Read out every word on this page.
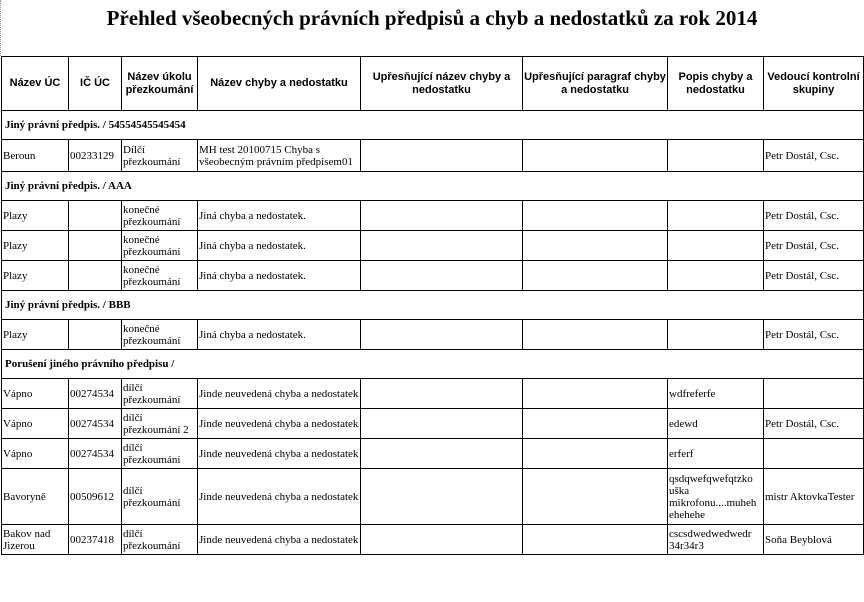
Přehled všeobecných právních předpisů a chyb a nedostatků za rok 2014
Název ÚC	IČ ÚC	Název úkolu přezkoumání	Název chyby a nedostatku	Upřesňující název chyby a nedostatku	Upřesňující paragraf chyby a nedostatku	Popis chyby a nedostatku	Vedoucí kontrolní skupiny
Jiný právní předpis. / 54554545545454							
Beroun	00233129	Dílčí přezkoumání	MH test 20100715 Chyba s všeobecným právním předpisem01				Petr Dostál, Csc.
Jiný právní předpis. / AAA							
Plazy		konečné přezkoumání	Jiná chyba a nedostatek.				Petr Dostál, Csc.
Plazy		konečné přezkoumání	Jiná chyba a nedostatek.				Petr Dostál, Csc.
Plazy		konečné přezkoumání	Jiná chyba a nedostatek.				Petr Dostál, Csc.
Jiný právní předpis. / BBB							
Plazy		konečné přezkoumání	Jiná chyba a nedostatek.				Petr Dostál, Csc.
Porušení jiného právního předpisu /							
Vápno	00274534	dílčí přezkoumání	Jinde neuvedená chyba a nedostatek			wdfreferfe	
Vápno	00274534	dílčí přezkoumání 2	Jinde neuvedená chyba a nedostatek			edewd	Petr Dostál, Csc.
Vápno	00274534	dílčí přezkoumání	Jinde neuvedená chyba a nedostatek			erferf	
Bavoryně	00509612	dílčí přezkoumání	Jinde neuvedená chyba a nedostatek			qsdqwefqwefqtzko uška mikrofonu....muheh ehehehe	mistr AktovkaTester
Bakov nad Jizerou	00237418	dílčí přezkoumání	Jinde neuvedená chyba a nedostatek			cscsdwedwedwedr 34r34r3	Soňa Beyblová
